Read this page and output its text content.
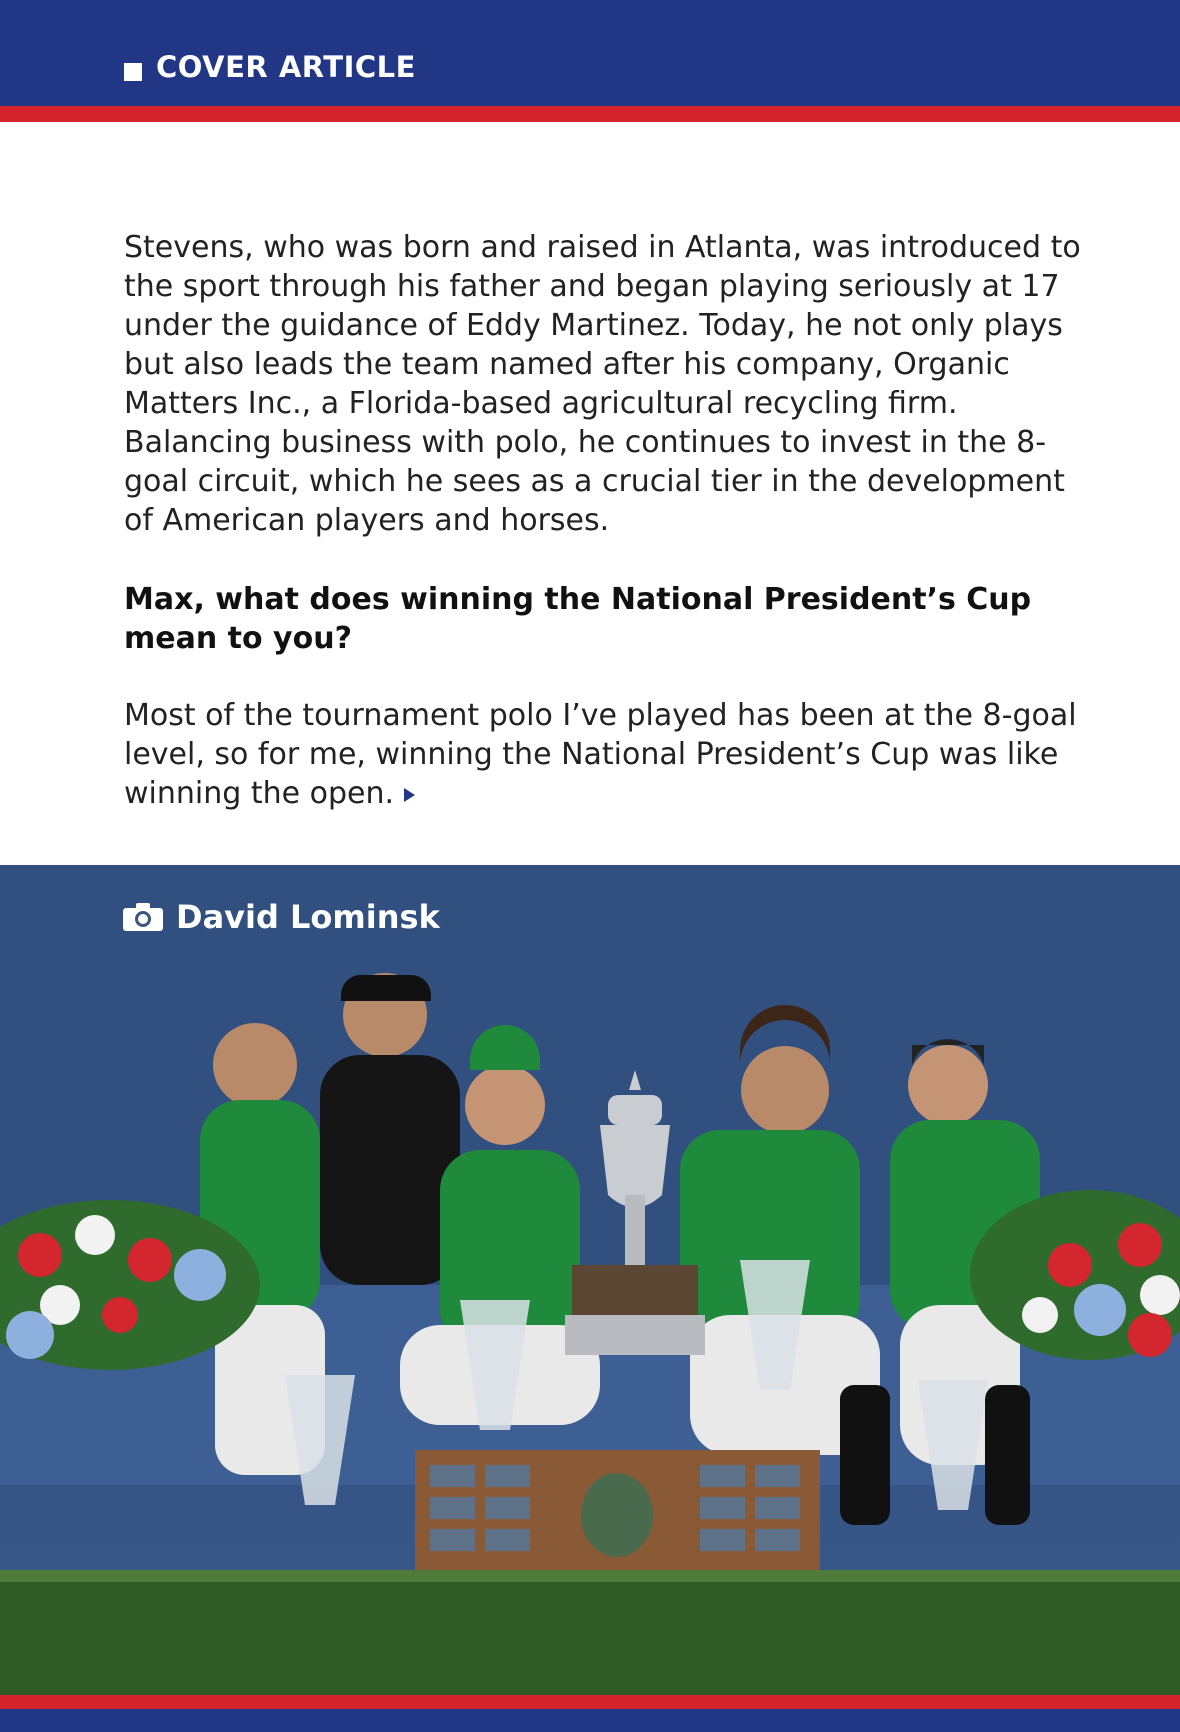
COVER ARTICLE

Stevens, who was born and raised in Atlanta, was introduced to the sport through his father and began playing seriously at 17 under the guidance of Eddy Martinez. Today, he not only plays but also leads the team named after his company, Organic Matters Inc., a Florida-based agricultural recycling firm. Balancing business with polo, he continues to invest in the 8-goal circuit, which he sees as a crucial tier in the development of American players and horses.

Max, what does winning the National President’s Cup mean to you?

Most of the tournament polo I’ve played has been at the 8-goal level, so for me, winning the National President’s Cup was like winning the open.

David Lominsk
